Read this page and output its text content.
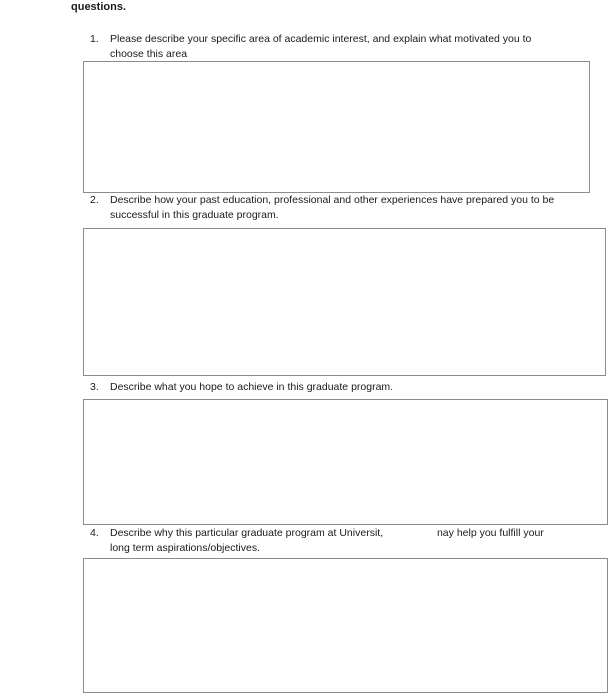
questions.
1.	Please describe your specific area of academic interest, and explain what motivated you to
choose this area
2.	Describe how your past education, professional and other experiences have prepared you to be
successful in this graduate program.
3.	Describe what you hope to achieve in this graduate program.
4.	Describe why this particular graduate program at Universit,	nay help you fulfill your
long term aspirations/objectives.
